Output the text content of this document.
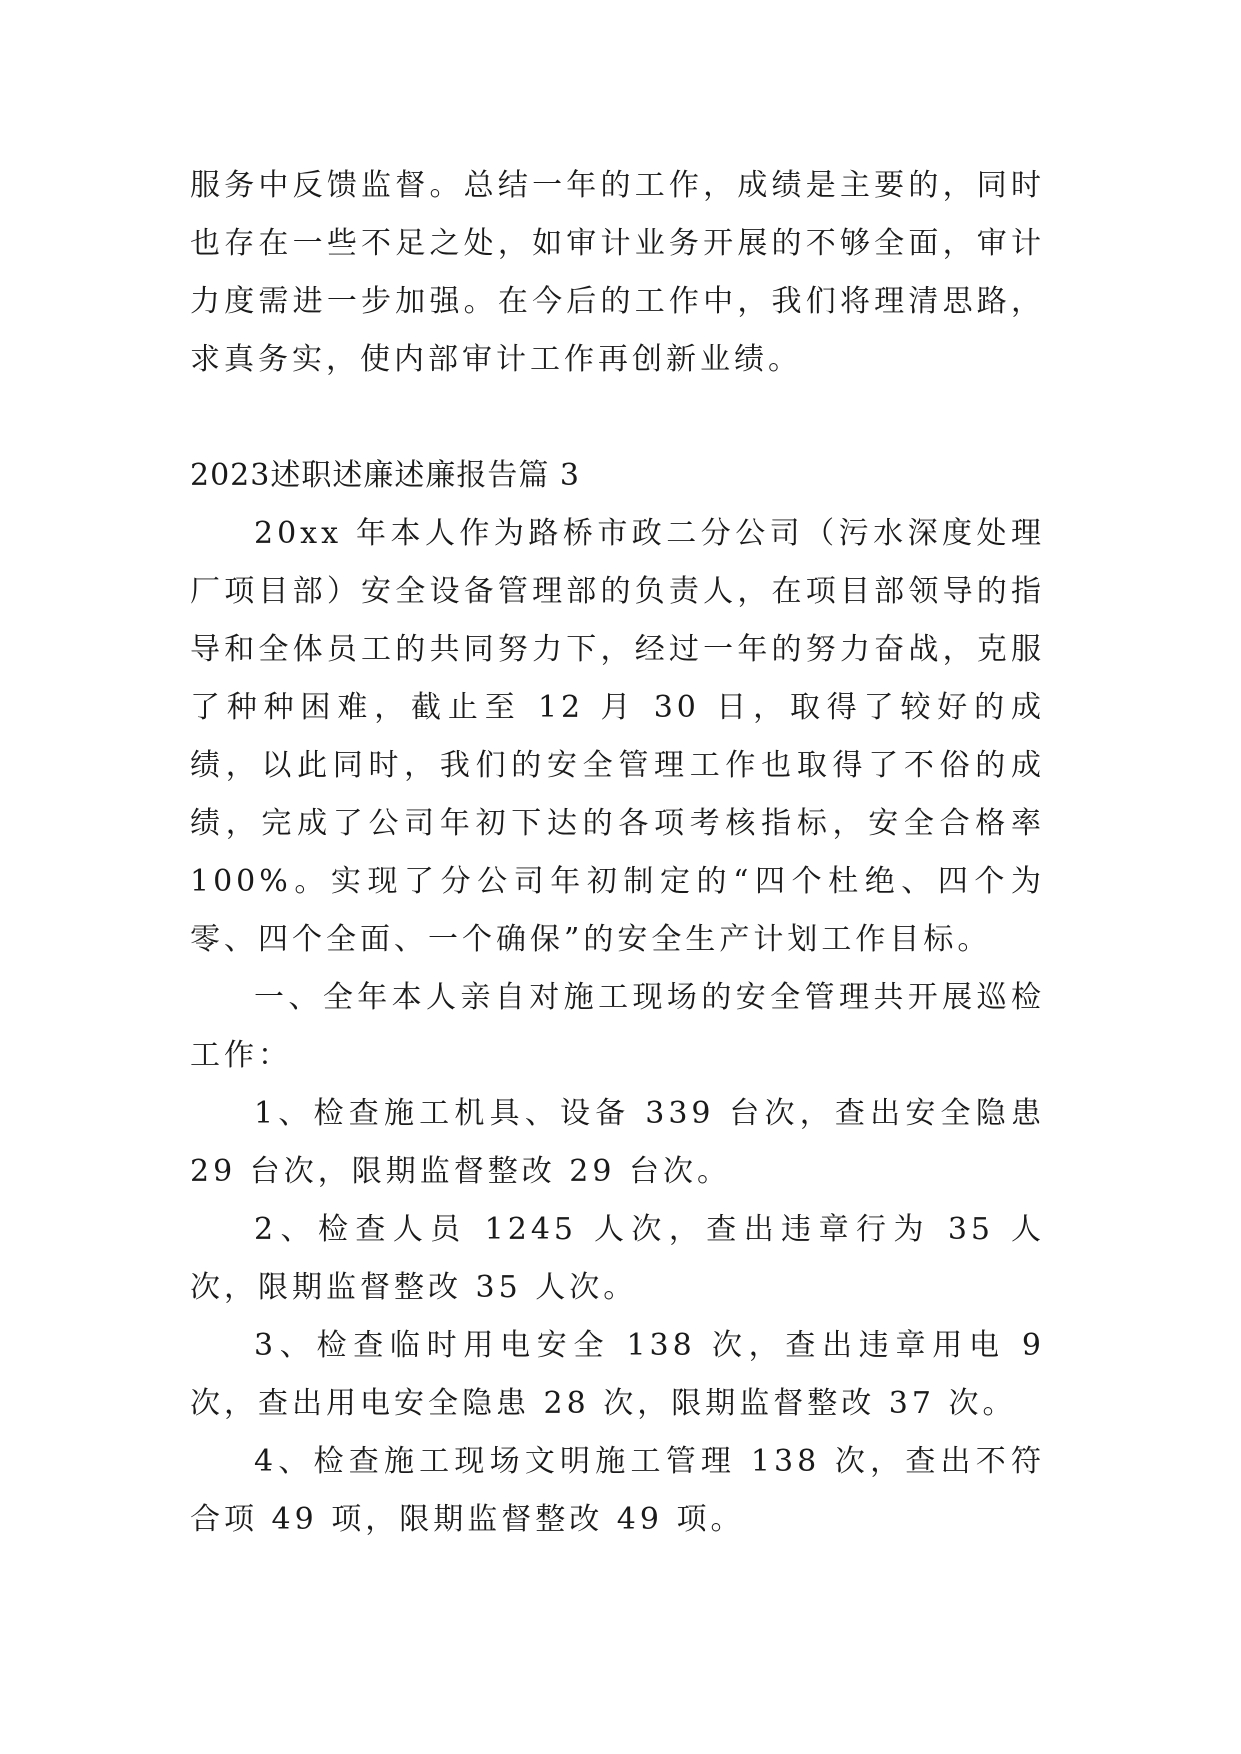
服务中反馈监督。总结一年的工作，成绩是主要的，同时也存在一些不足之处，如审计业务开展的不够全面，审计力度需进一步加强。在今后的工作中，我们将理清思路，求真务实，使内部审计工作再创新业绩。

2023述职述廉述廉报告篇 3

20xx 年本人作为路桥市政二分公司（污水深度处理厂项目部）安全设备管理部的负责人，在项目部领导的指导和全体员工的共同努力下，经过一年的努力奋战，克服了种种困难，截止至 12 月 30 日，取得了较好的成绩，以此同时，我们的安全管理工作也取得了不俗的成绩，完成了公司年初下达的各项考核指标，安全合格率 100%。实现了分公司年初制定的“四个杜绝、四个为零、四个全面、一个确保”的安全生产计划工作目标。

一、全年本人亲自对施工现场的安全管理共开展巡检工作：

1、检查施工机具、设备 339 台次，查出安全隐患 29 台次，限期监督整改 29 台次。

2、检查人员 1245 人次，查出违章行为 35 人次，限期监督整改 35 人次。

3、检查临时用电安全 138 次，查出违章用电 9 次，查出用电安全隐患 28 次，限期监督整改 37 次。

4、检查施工现场文明施工管理 138 次，查出不符合项 49 项，限期监督整改 49 项。
